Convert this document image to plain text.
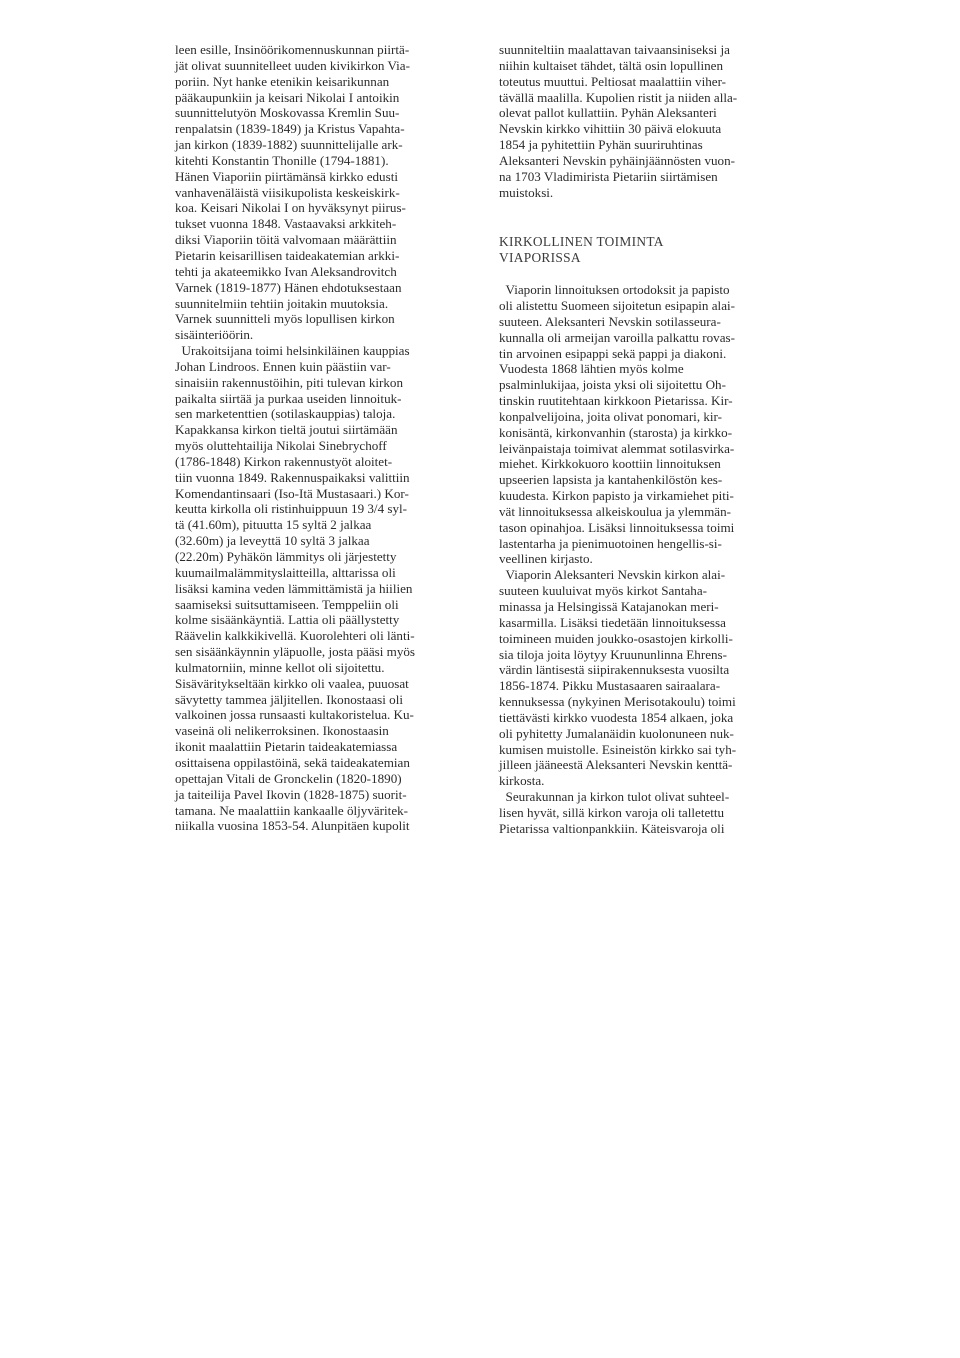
leen esille, Insinöörikomennuskunnan piirtä-
jät olivat suunnitelleet uuden kivikirkon Via-
poriin. Nyt hanke etenikin keisarikunnan
pääkaupunkiin ja keisari Nikolai I antoikin
suunnittelutyön Moskovassa Kremlin Suu-
renpalatsin (1839-1849) ja Kristus Vapahta-
jan kirkon (1839-1882) suunnittelijalle ark-
kitehti Konstantin Thonille (1794-1881).
Hänen Viaporiin piirtämänsä kirkko edusti
vanhavenäläistä viisikupolista keskeiskirk-
koa. Keisari Nikolai I on hyväksynyt piirus-
tukset vuonna 1848. Vastaavaksi arkkiteh-
diksi Viaporiin töitä valvomaan määrättiin
Pietarin keisarillisen taideakatemian arkki-
tehti ja akateemikko Ivan Aleksandrovitch
Varnek (1819-1877) Hänen ehdotuksestaan
suunnitelmiin tehtiin joitakin muutoksia.
Varnek suunnitteli myös lopullisen kirkon
sisäinteriöörin.
Urakoitsijana toimi helsinkiläinen kauppias
Johan Lindroos. Ennen kuin päästiin var-
sinaisiin rakennustöihin, piti tulevan kirkon
paikalta siirtää ja purkaa useiden linnoituk-
sen marketenttien (sotilaskauppias) taloja.
Kapakkansa kirkon tieltä joutui siirtämään
myös oluttehtailija Nikolai Sinebrychoff
(1786-1848) Kirkon rakennustyöt aloitet-
tiin vuonna 1849. Rakennuspaikaksi valittiin
Komendantinsaari (Iso-Itä Mustasaari.) Kor-
keutta kirkolla oli ristinhuippuun 19 3/4 syl-
tä (41.60m), pituutta 15 syltä 2 jalkaa
(32.60m) ja leveyttä 10 syltä 3 jalkaa
(22.20m) Pyhäkön lämmitys oli järjestetty
kuumailmalämmityslaitteilla, alttarissa oli
lisäksi kamina veden lämmittämistä ja hiilien
saamiseksi suitsuttamiseen. Temppeliin oli
kolme sisäänkäyntiä. Lattia oli päällystetty
Räävelin kalkkikivellä. Kuorolehteri oli länti-
sen sisäänkäynnin yläpuolle, josta pääsi myös
kulmatorniin, minne kellot oli sijoitettu.
Sisäväritykseltään kirkko oli vaalea, puuosat
sävytetty tammea jäljitellen. Ikonostaasi oli
valkoinen jossa runsaasti kultakoristelua. Ku-
vaseinä oli nelikerroksinen. Ikonostaasin
ikonit maalattiin Pietarin taideakatemiassa
osittaisena oppilastöinä, sekä taideakatemian
opettajan Vitali de Gronckelin (1820-1890)
ja taiteilija Pavel Ikovin (1828-1875) suorit-
tamana. Ne maalattiin kankaalle öljyväritek-
niikalla vuosina 1853-54. Alunpitäen kupolit
suunniteltiin maalattavan taivaansiniseksi ja
niihin kultaiset tähdet, tältä osin lopullinen
toteutus muuttui. Peltiosat maalattiin viher-
tävällä maalilla. Kupolien ristit ja niiden alla-
olevat pallot kullattiin. Pyhän Aleksanteri
Nevskin kirkko vihittiin 30 päivä elokuuta
1854 ja pyhitettiin Pyhän suuriruhtinas
Aleksanteri Nevskin pyhäinjäännösten vuon-
na 1703 Vladimirista Pietariin siirtämisen
muistoksi.
KIRKOLLINEN TOIMINTA
VIAPORISSA
Viaporin linnoituksen ortodoksit ja papisto
oli alistettu Suomeen sijoitetun esipapin alai-
suuteen. Aleksanteri Nevskin sotilasseura-
kunnalla oli armeijan varoilla palkattu rovas-
tin arvoinen esipappi sekä pappi ja diakoni.
Vuodesta 1868 lähtien myös kolme
psalminlukijaa, joista yksi oli sijoitettu Oh-
tinskin ruutitehtaan kirkkoon Pietarissa. Kir-
konpalvelijoina, joita olivat ponomari, kir-
konisäntä, kirkonvanhin (starosta) ja kirkko-
leivänpaistaja toimivat alemmat sotilasvirka-
miehet. Kirkkokuoro koottiin linnoituksen
upseerien lapsista ja kantahenkilöstön kes-
kuudesta. Kirkon papisto ja virkamiehet piti-
vät linnoituksessa alkeiskoulua ja ylemmän-
tason opinahjoa. Lisäksi linnoituksessa toimi
lastentarha ja pienimuotoinen hengellis-si-
veellinen kirjasto.
Viaporin Aleksanteri Nevskin kirkon alai-
suuteen kuuluivat myös kirkot Santaha-
minassa ja Helsingissä Katajanokan meri-
kasarmilla. Lisäksi tiedetään linnoituksessa
toimineen muiden joukko-osastojen kirkolli-
sia tiloja joita löytyy Kruununlinna Ehrens-
värdin läntisestä siipirakennuksesta vuosilta
1856-1874. Pikku Mustasaaren sairaalara-
kennuksessa (nykyinen Merisotakoulu) toimi
tiettävästi kirkko vuodesta 1854 alkaen, joka
oli pyhitetty Jumalanäidin kuolonuneen nuk-
kumisen muistolle. Esineistön kirkko sai tyh-
jilleen jääneestä Aleksanteri Nevskin kenttä-
kirkosta.
Seurakunnan ja kirkon tulot olivat suhteel-
lisen hyvät, sillä kirkon varoja oli talletettu
Pietarissa valtionpankkiin. Käteisvaroja oli
